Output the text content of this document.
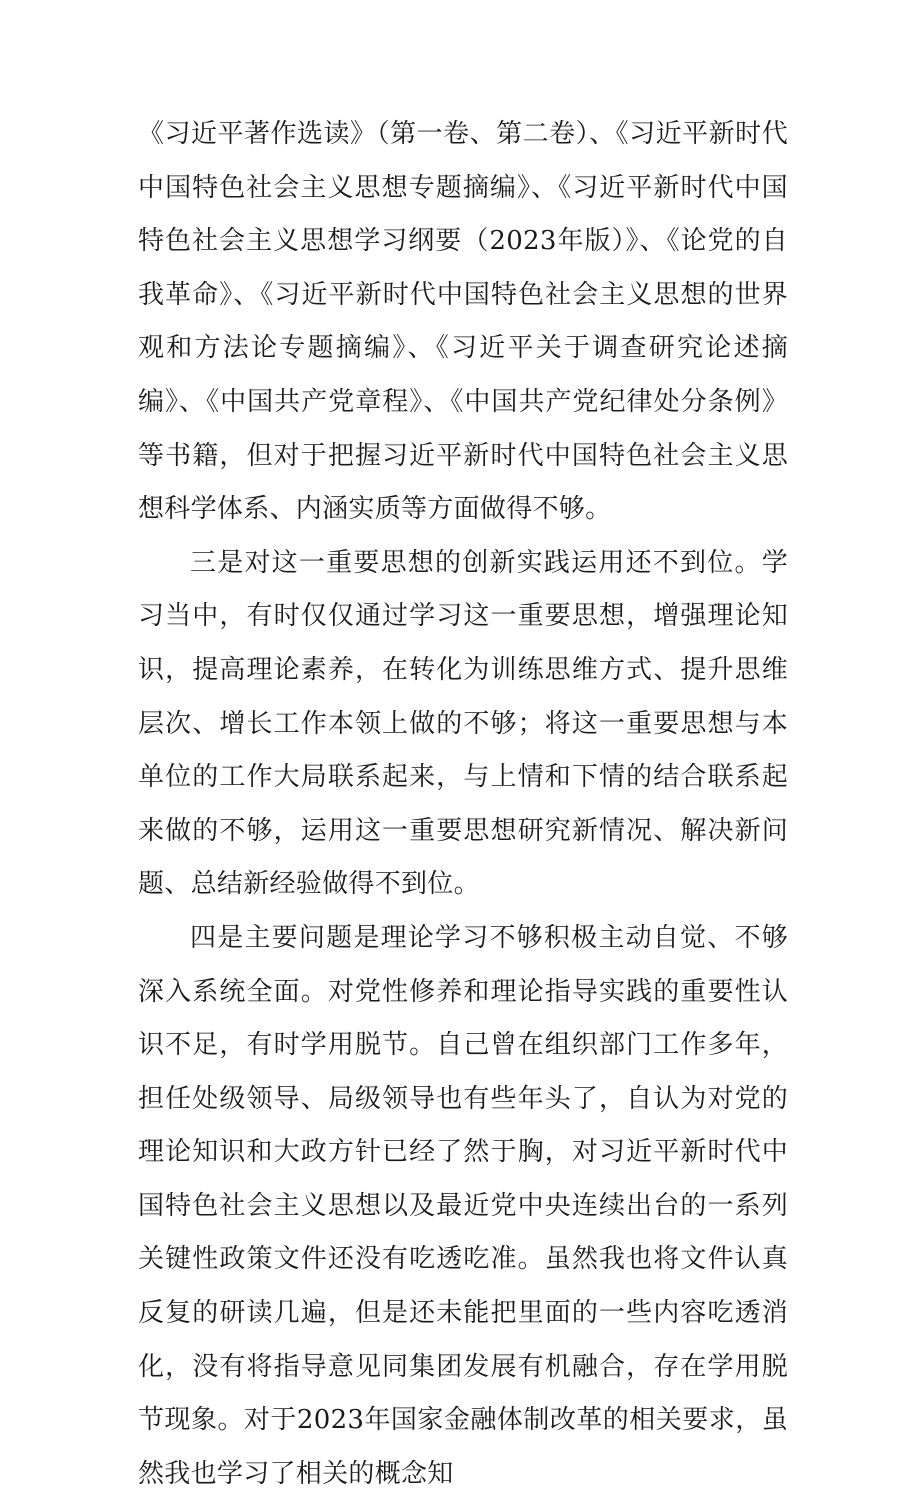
《习近平著作选读》（第一卷、第二卷）、《习近平新时代中国特色社会主义思想专题摘编》、《习近平新时代中国特色社会主义思想学习纲要（2023年版）》、《论党的自我革命》、《习近平新时代中国特色社会主义思想的世界观和方法论专题摘编》、《习近平关于调查研究论述摘编》、《中国共产党章程》、《中国共产党纪律处分条例》等书籍，但对于把握习近平新时代中国特色社会主义思想科学体系、内涵实质等方面做得不够。

三是对这一重要思想的创新实践运用还不到位。学习当中，有时仅仅通过学习这一重要思想，增强理论知识，提高理论素养，在转化为训练思维方式、提升思维层次、增长工作本领上做的不够；将这一重要思想与本单位的工作大局联系起来，与上情和下情的结合联系起来做的不够，运用这一重要思想研究新情况、解决新问题、总结新经验做得不到位。

四是主要问题是理论学习不够积极主动自觉、不够深入系统全面。对党性修养和理论指导实践的重要性认识不足，有时学用脱节。自己曾在组织部门工作多年，担任处级领导、局级领导也有些年头了，自认为对党的理论知识和大政方针已经了然于胸，对习近平新时代中国特色社会主义思想以及最近党中央连续出台的一系列关键性政策文件还没有吃透吃准。虽然我也将文件认真反复的研读几遍，但是还未能把里面的一些内容吃透消化，没有将指导意见同集团发展有机融合，存在学用脱节现象。对于2023年国家金融体制改革的相关要求，虽然我也学习了相关的概念知
